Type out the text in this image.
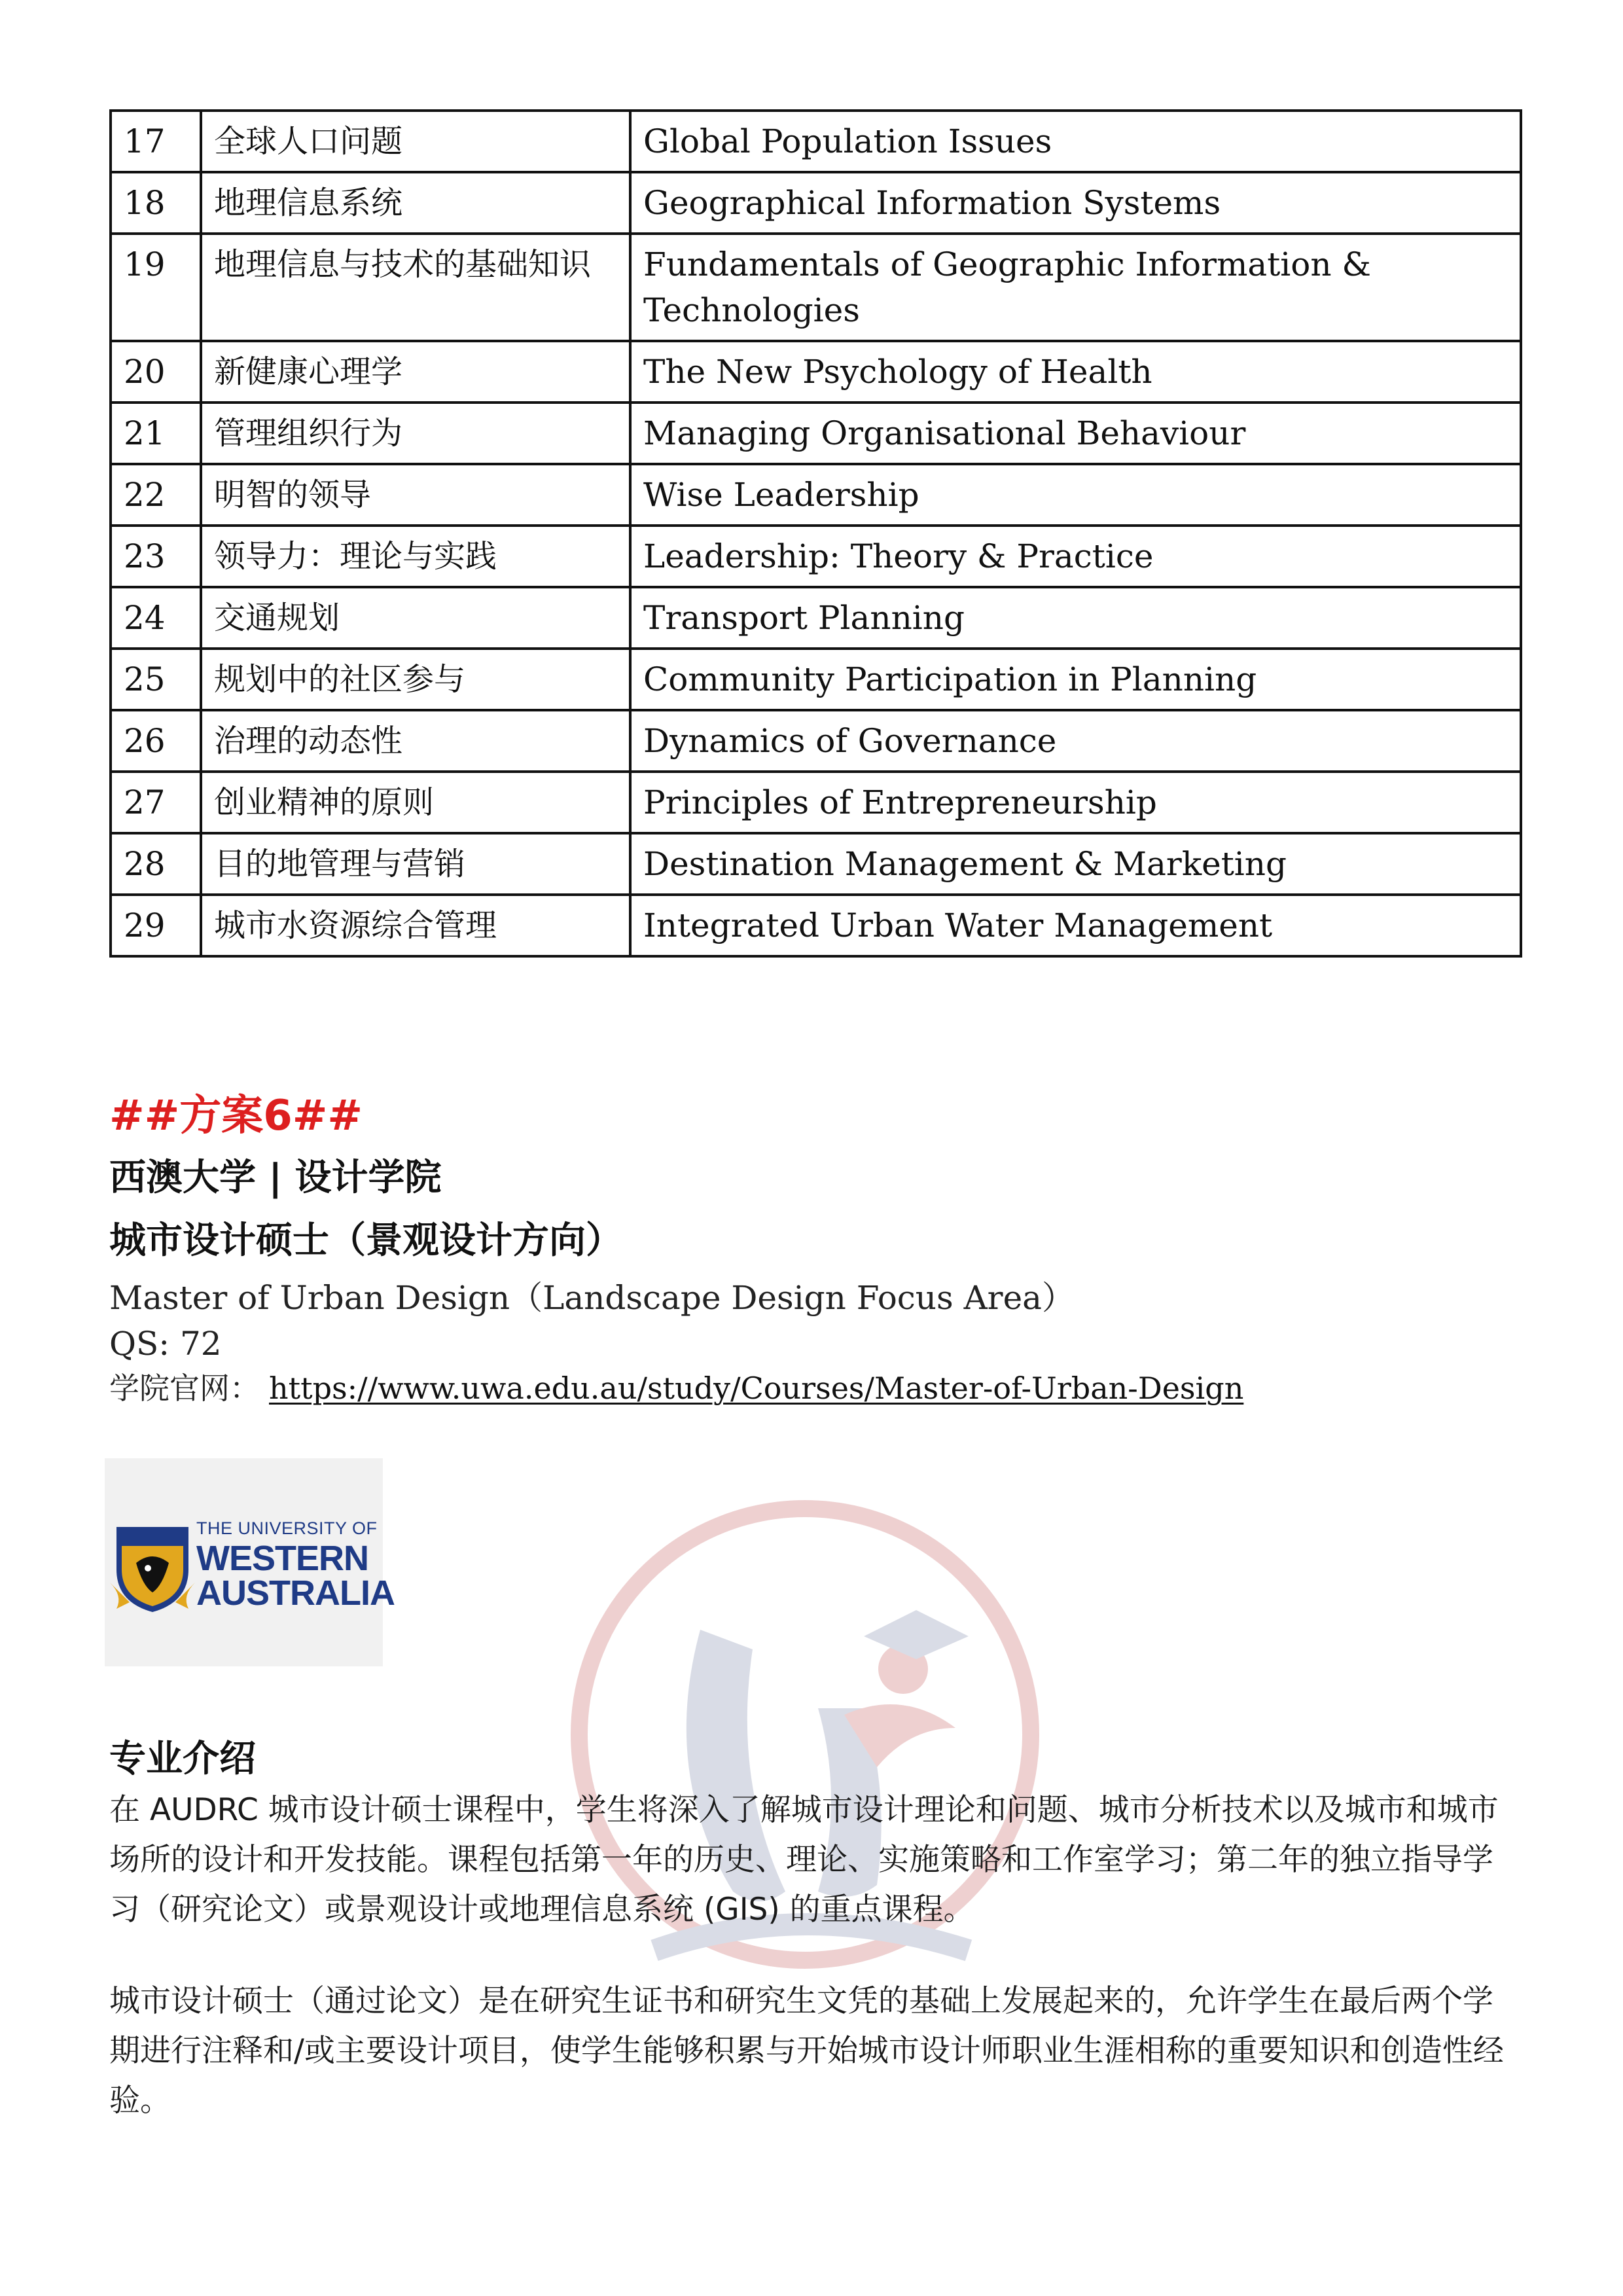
17	全球人口问题	Global Population Issues
18	地理信息系统	Geographical Information Systems
19	地理信息与技术的基础知识	Fundamentals of Geographic Information & Technologies
20	新健康心理学	The New Psychology of Health
21	管理组织行为	Managing Organisational Behaviour
22	明智的领导	Wise Leadership
23	领导力：理论与实践	Leadership: Theory & Practice
24	交通规划	Transport Planning
25	规划中的社区参与	Community Participation in Planning
26	治理的动态性	Dynamics of Governance
27	创业精神的原则	Principles of Entrepreneurship
28	目的地管理与营销	Destination Management & Marketing
29	城市水资源综合管理	Integrated Urban Water Management
##方案6##
西澳大学 | 设计学院
城市设计硕士（景观设计方向）
Master of Urban Design（Landscape Design Focus Area）
QS: 72
学院官网： https://www.uwa.edu.au/study/Courses/Master-of-Urban-Design
THE UNIVERSITY OF
WESTERN
AUSTRALIA
专业介绍

在 AUDRC 城市设计硕士课程中，学生将深入了解城市设计理论和问题、城市分析技术以及城市和城市场所的设计和开发技能。课程包括第一年的历史、理论、实施策略和工作室学习；第二年的独立指导学习（研究论文）或景观设计或地理信息系统 (GIS) 的重点课程。

城市设计硕士（通过论文）是在研究生证书和研究生文凭的基础上发展起来的，允许学生在最后两个学期进行注释和/或主要设计项目，使学生能够积累与开始城市设计师职业生涯相称的重要知识和创造性经验。
